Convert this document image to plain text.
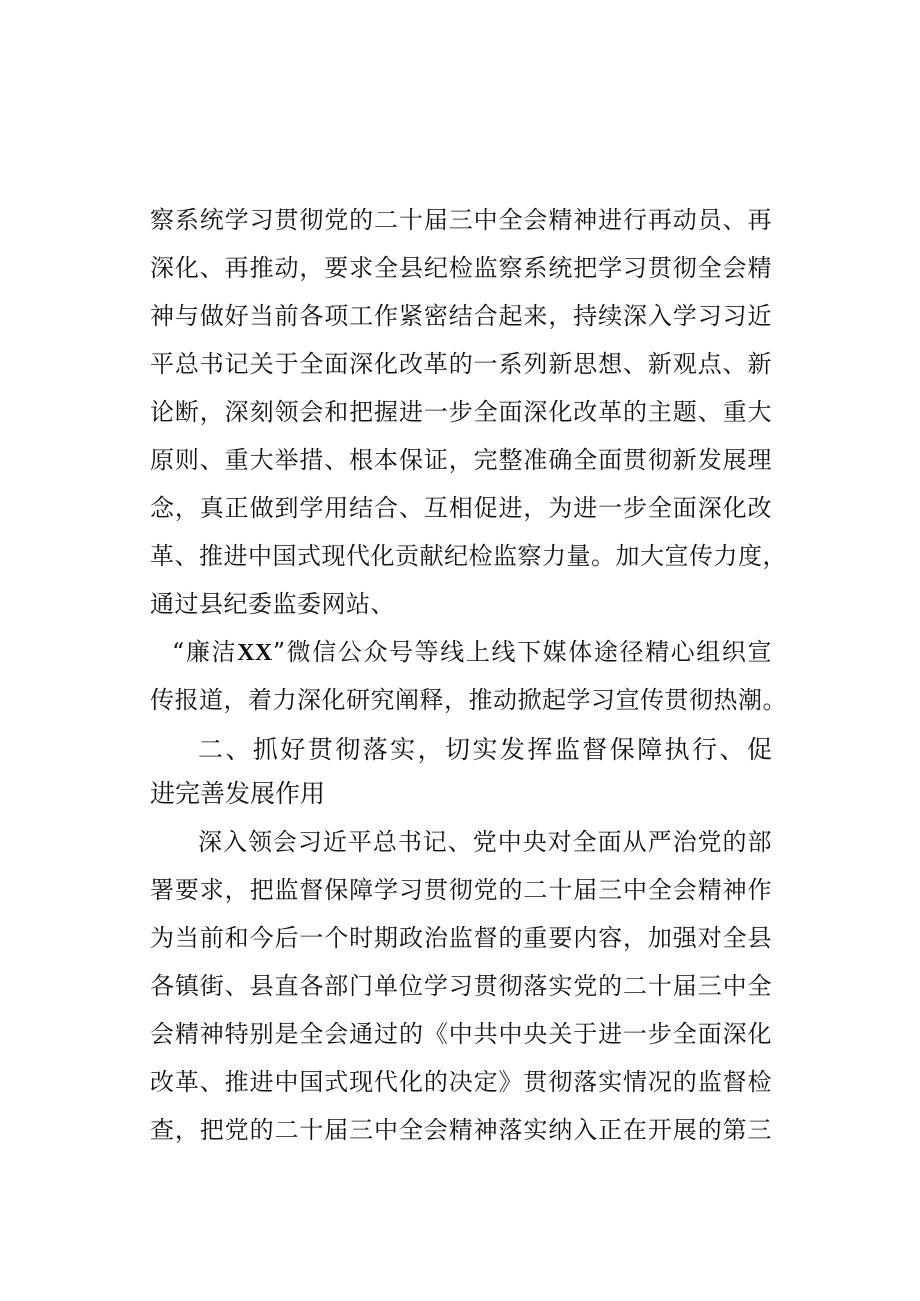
察系统学习贯彻党的二十届三中全会精神进行再动员、再
深化、再推动，要求全县纪检监察系统把学习贯彻全会精
神与做好当前各项工作紧密结合起来，持续深入学习习近
平总书记关于全面深化改革的一系列新思想、新观点、新
论断，深刻领会和把握进一步全面深化改革的主题、重大
原则、重大举措、根本保证，完整准确全面贯彻新发展理
念，真正做到学用结合、互相促进，为进一步全面深化改
革、推进中国式现代化贡献纪检监察力量。加大宣传力度，
通过县纪委监委网站、
“廉洁XX”微信公众号等线上线下媒体途径精心组织宣
传报道，着力深化研究阐释，推动掀起学习宣传贯彻热潮。
二、抓好贯彻落实，切实发挥监督保障执行、促
进完善发展作用
深入领会习近平总书记、党中央对全面从严治党的部
署要求，把监督保障学习贯彻党的二十届三中全会精神作
为当前和今后一个时期政治监督的重要内容，加强对全县
各镇街、县直各部门单位学习贯彻落实党的二十届三中全
会精神特别是全会通过的《中共中央关于进一步全面深化
改革、推进中国式现代化的决定》贯彻落实情况的监督检
查，把党的二十届三中全会精神落实纳入正在开展的第三
